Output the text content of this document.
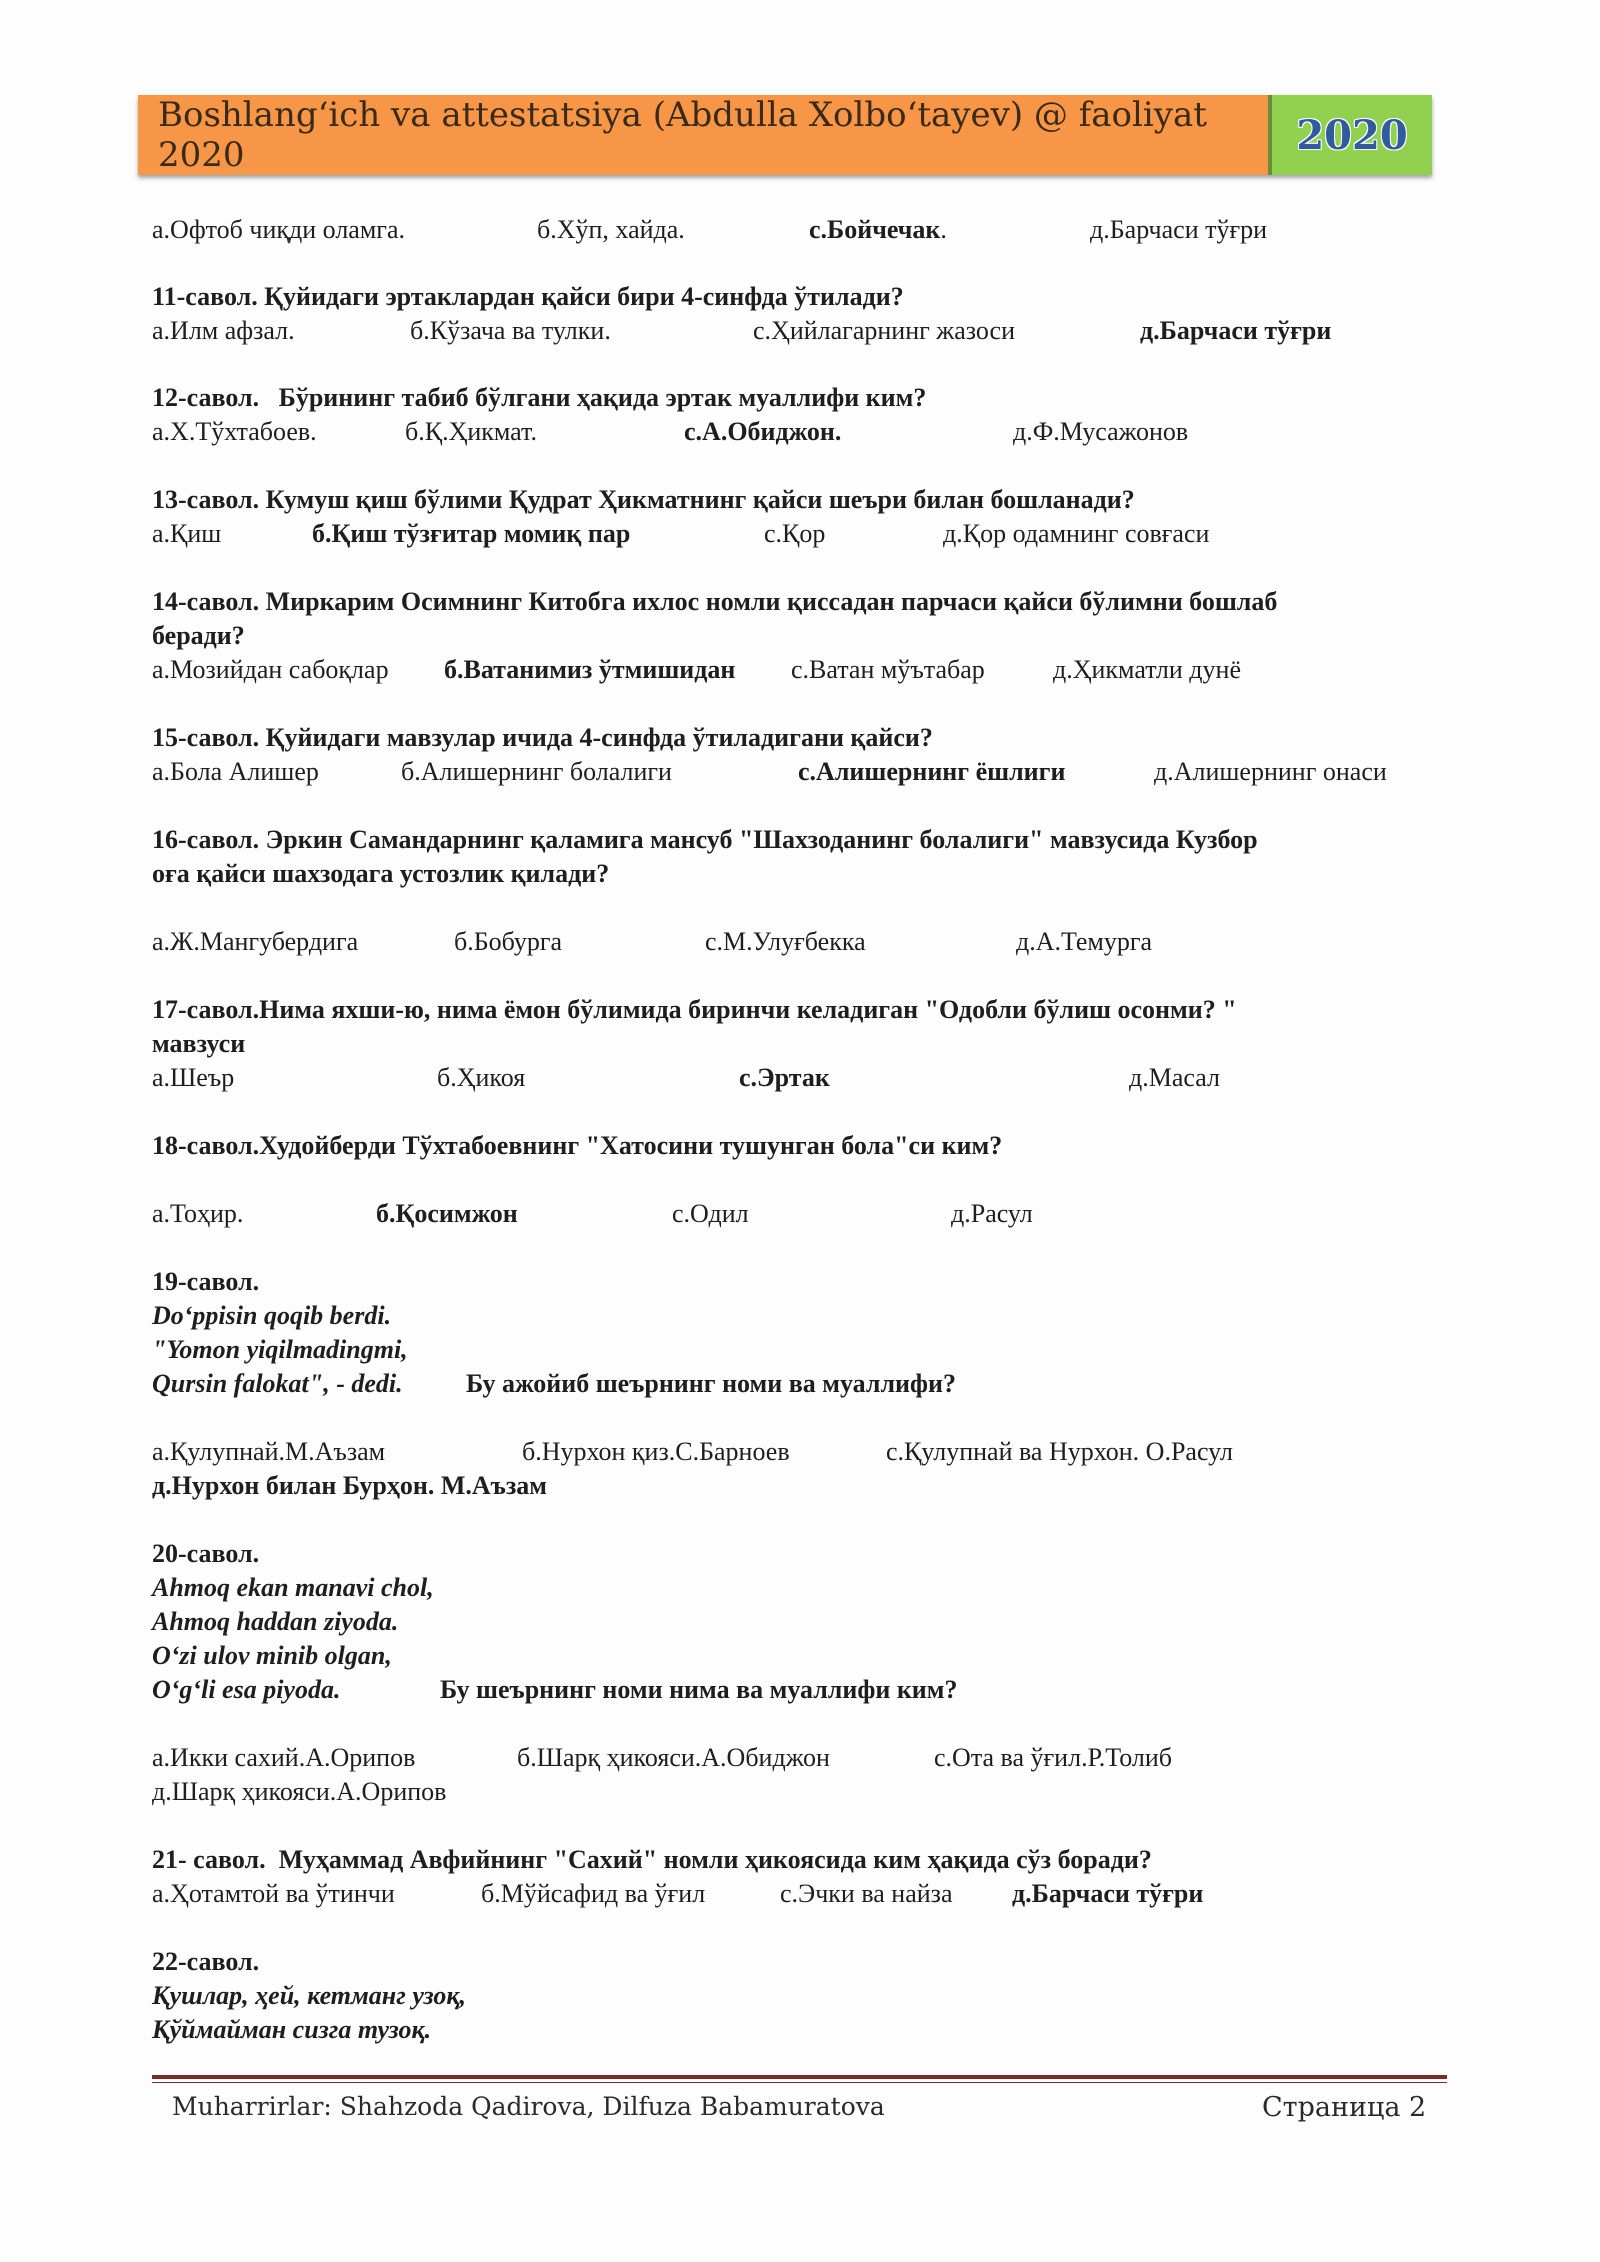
Boshlang‘ich va attestatsiya (Abdulla Xolbo‘tayev) @ faoliyat 2020	2020
а.Офтоб чиқди оламга.	б.Хўп, хайда.	с.Бойчечак.	д.Барчаси тўғри
11-савол. Қуйидаги эртаклардан қайси бири 4-синфда ўтилади?
а.Илм афзал.	б.Кўзача ва тулки.	с.Ҳийлагарнинг жазоси	д.Барчаси тўғри
12-савол.   Бўрининг табиб бўлгани ҳақида эртак муаллифи ким?
а.Х.Тўхтабоев.	б.Қ.Ҳикмат.	с.А.Обиджон.	д.Ф.Мусажонов
13-савол. Кумуш қиш бўлими Қудрат Ҳикматнинг қайси шеъри билан бошланади?
а.Қиш	б.Қиш тўзғитар момиқ пар	с.Қор	д.Қор одамнинг совғаси
14-савол. Миркарим Осимнинг Китобга ихлос номли қиссадан парчаси қайси бўлимни бошлаб
беради?
а.Мозийдан сабоқлар б.Ватанимиз ўтмишидан с.Ватан мўътабар	д.Ҳикматли дунё
15-савол. Қуйидаги мавзулар ичида 4-синфда ўтиладигани қайси?
а.Бола Алишер	б.Алишернинг болалиги	с.Алишернинг ёшлиги	д.Алишернинг онаси
16-савол. Эркин Самандарнинг қаламига мансуб "Шахзоданинг болалиги" мавзусида Кузбор
оға қайси шахзодага устозлик қилади?
а.Ж.Мангубердига	б.Бобурга	с.М.Улуғбекка	д.А.Темурга
17-савол.Нима яхши-ю, нима ёмон бўлимида биринчи келадиган "Одобли бўлиш осонми? "
мавзуси
а.Шеър	б.Ҳикоя	с.Эртак	д.Масал
18-савол.Худойберди Тўхтабоевнинг "Хатосини тушунган бола"си ким?
а.Тоҳир.	б.Қосимжон	с.Одил	д.Расул
19-савол.
Do‘ppisin qoqib berdi.
"Yomon yiqilmadingmi,
Qursin falokat", - dedi. Бу ажойиб шеърнинг номи ва муаллифи?
а.Қулупнай.М.Аъзам	б.Нурхон қиз.С.Барноев	с.Қулупнай ва Нурхон. О.Расул
д.Нурхон билан Бурҳон. М.Аъзам
20-савол.
Ahmoq ekan manavi chol,
Ahmoq haddan ziyoda.
O‘zi ulov minib olgan,
O‘g‘li esa piyoda.	Бу шеърнинг номи нима ва муаллифи ким?
а.Икки сахий.А.Орипов	б.Шарқ ҳикояси.А.Обиджон	с.Ота ва ўғил.Р.Толиб
д.Шарқ ҳикояси.А.Орипов
21- савол.  Муҳаммад Авфийнинг "Сахий" номли ҳикоясида ким ҳақида сўз боради?
а.Ҳотамтой ва ўтинчи	б.Мўйсафид ва ўғил	с.Эчки ва найза д.Барчаси тўғри
22-савол.
Қушлар, ҳей, кетманг узоқ,
Қўймайман сизга тузоқ.
Muharrirlar: Shahzoda Qadirova, Dilfuza Babamuratova	Страница 2
